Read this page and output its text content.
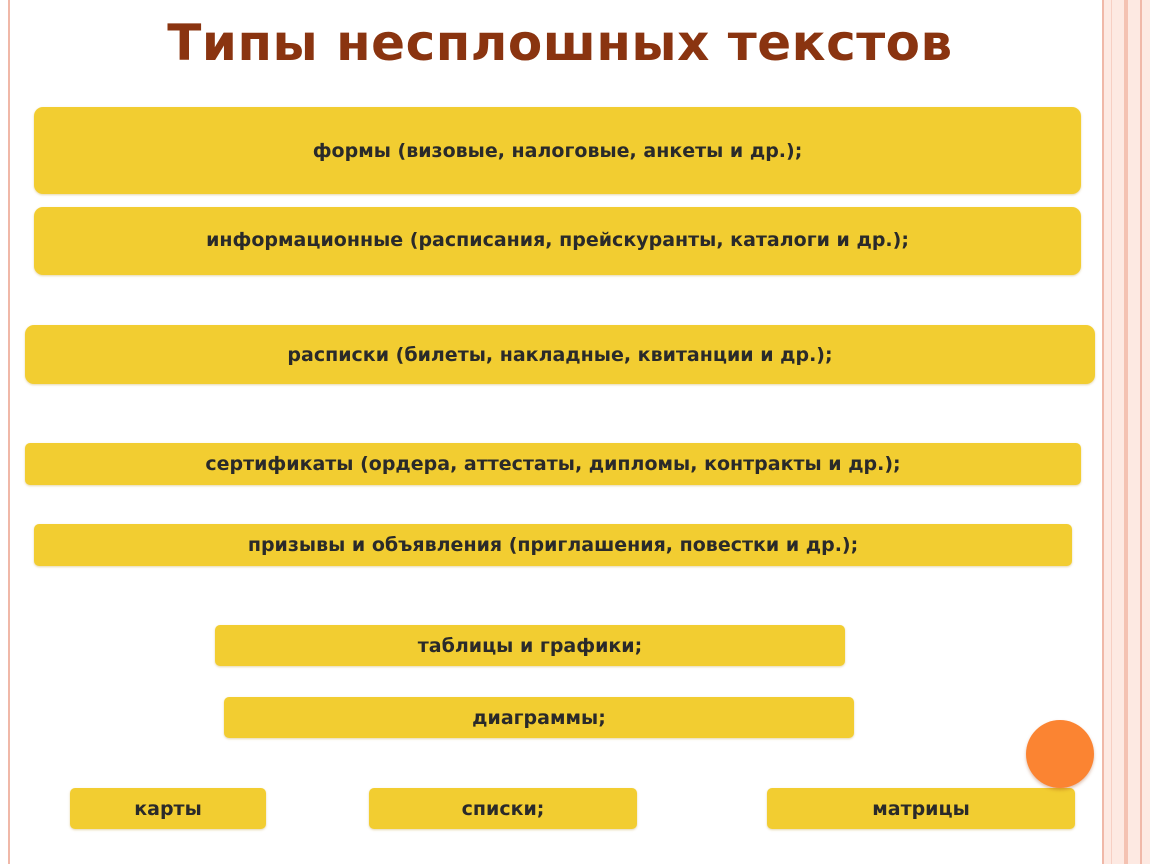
Типы несплошных текстов
формы (визовые, налоговые, анкеты и др.);
информационные (расписания, прейскуранты, каталоги и др.);
расписки (билеты, накладные, квитанции и др.);
сертификаты (ордера, аттестаты, дипломы, контракты и др.);
призывы и объявления (приглашения, повестки и др.);
таблицы и графики;
диаграммы;
карты	списки;	матрицы
